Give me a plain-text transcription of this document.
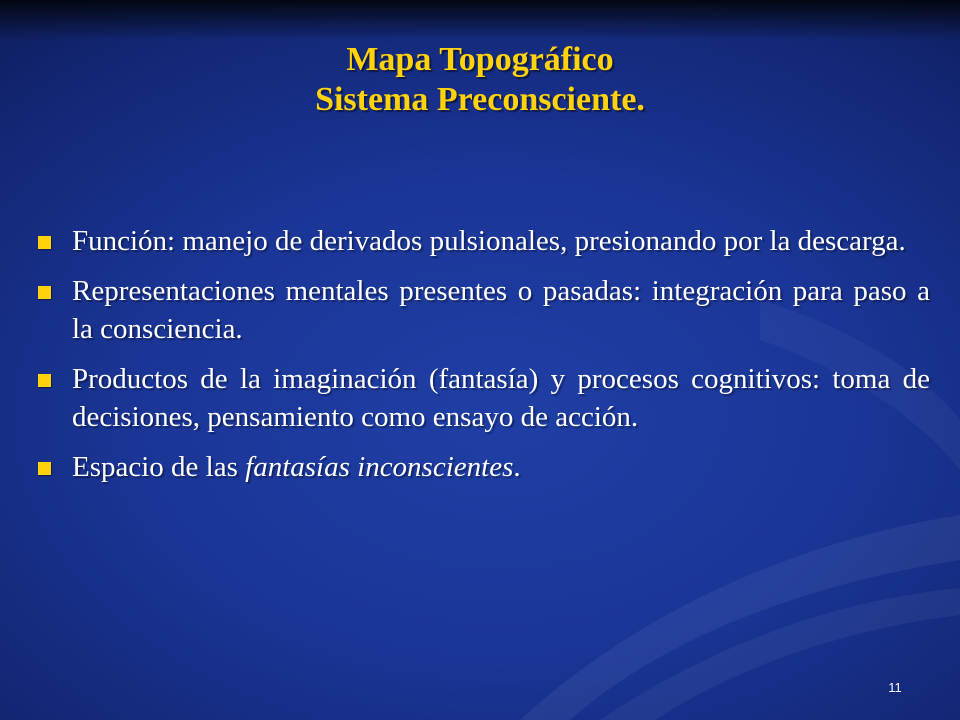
Mapa Topográfico
Sistema Preconsciente.
Función: manejo de derivados pulsionales, presionando por la descarga.
Representaciones mentales presentes o pasadas: integración para paso a la consciencia.
Productos de la imaginación (fantasía) y procesos cognitivos: toma de decisiones, pensamiento como ensayo de acción.
Espacio de las fantasías inconscientes.
11
